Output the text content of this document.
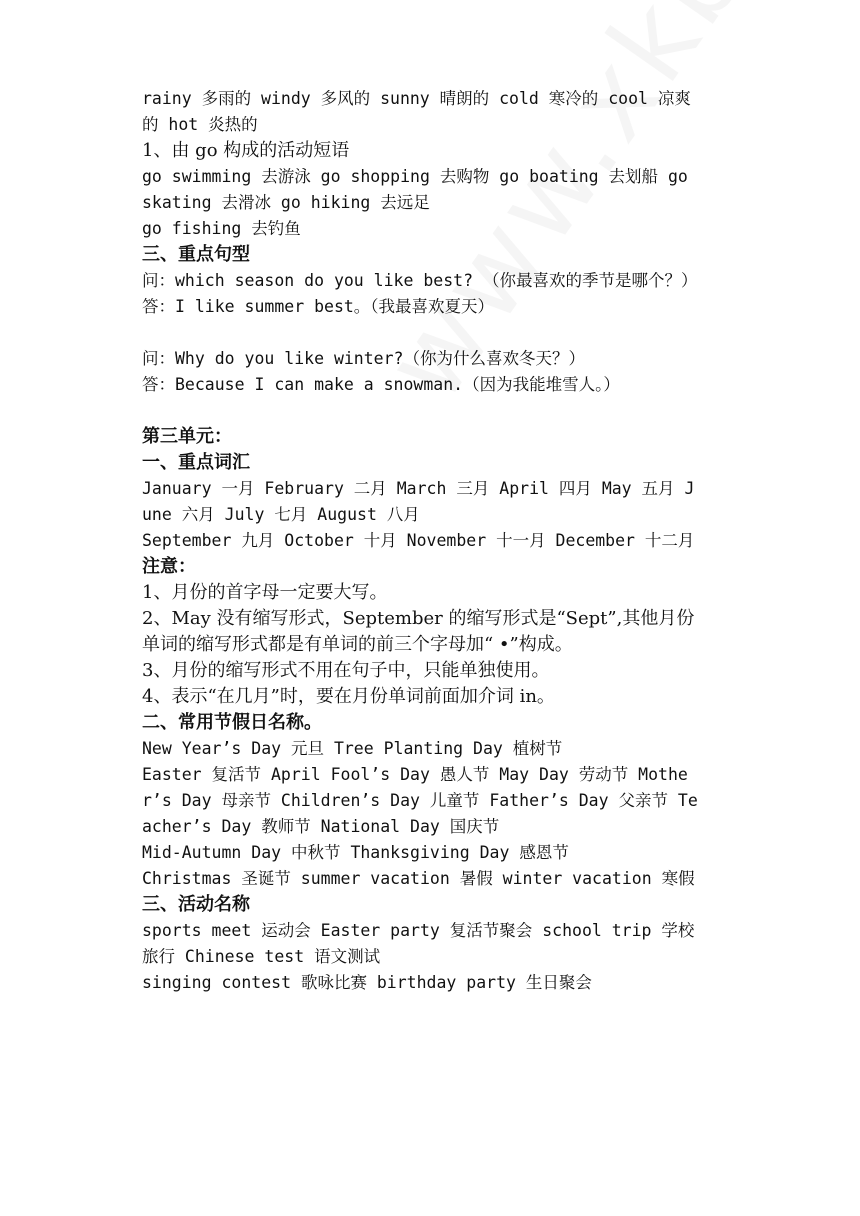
rainy 多雨的 windy 多风的 sunny 晴朗的 cold 寒冷的 cool 凉爽的 hot 炎热的

1、由 go 构成的活动短语

go swimming 去游泳 go shopping 去购物 go boating 去划船 go skating 去滑冰 go hiking 去远足

go fishing 去钓鱼

三、重点句型

问：which season do you like best? （你最喜欢的季节是哪个？）

答：I like summer best。（我最喜欢夏天）

问：Why do you like winter?（你为什么喜欢冬天？）

答：Because I can make a snowman.（因为我能堆雪人。）

第三单元：

一、重点词汇

January 一月 February 二月 March 三月 April 四月 May 五月 June 六月 July 七月 August 八月

September 九月 October 十月 November 十一月 December 十二月

注意：

1、月份的首字母一定要大写。

2、May 没有缩写形式，September 的缩写形式是“Sept”,其他月份单词的缩写形式都是有单词的前三个字母加“ •”构成。

3、月份的缩写形式不用在句子中，只能单独使用。

4、表示“在几月”时，要在月份单词前面加介词 in。

二、常用节假日名称。

New Year’s Day 元旦 Tree Planting Day 植树节

Easter 复活节 April Fool’s Day 愚人节 May Day 劳动节 Mother’s Day 母亲节 Children’s Day 儿童节 Father’s Day 父亲节 Teacher’s Day 教师节 National Day 国庆节

Mid-Autumn Day 中秋节 Thanksgiving Day 感恩节

Christmas 圣诞节 summer vacation 暑假 winter vacation 寒假

三、活动名称

sports meet 运动会 Easter party 复活节聚会 school trip 学校旅行 Chinese test 语文测试

singing contest 歌咏比赛 birthday party 生日聚会
